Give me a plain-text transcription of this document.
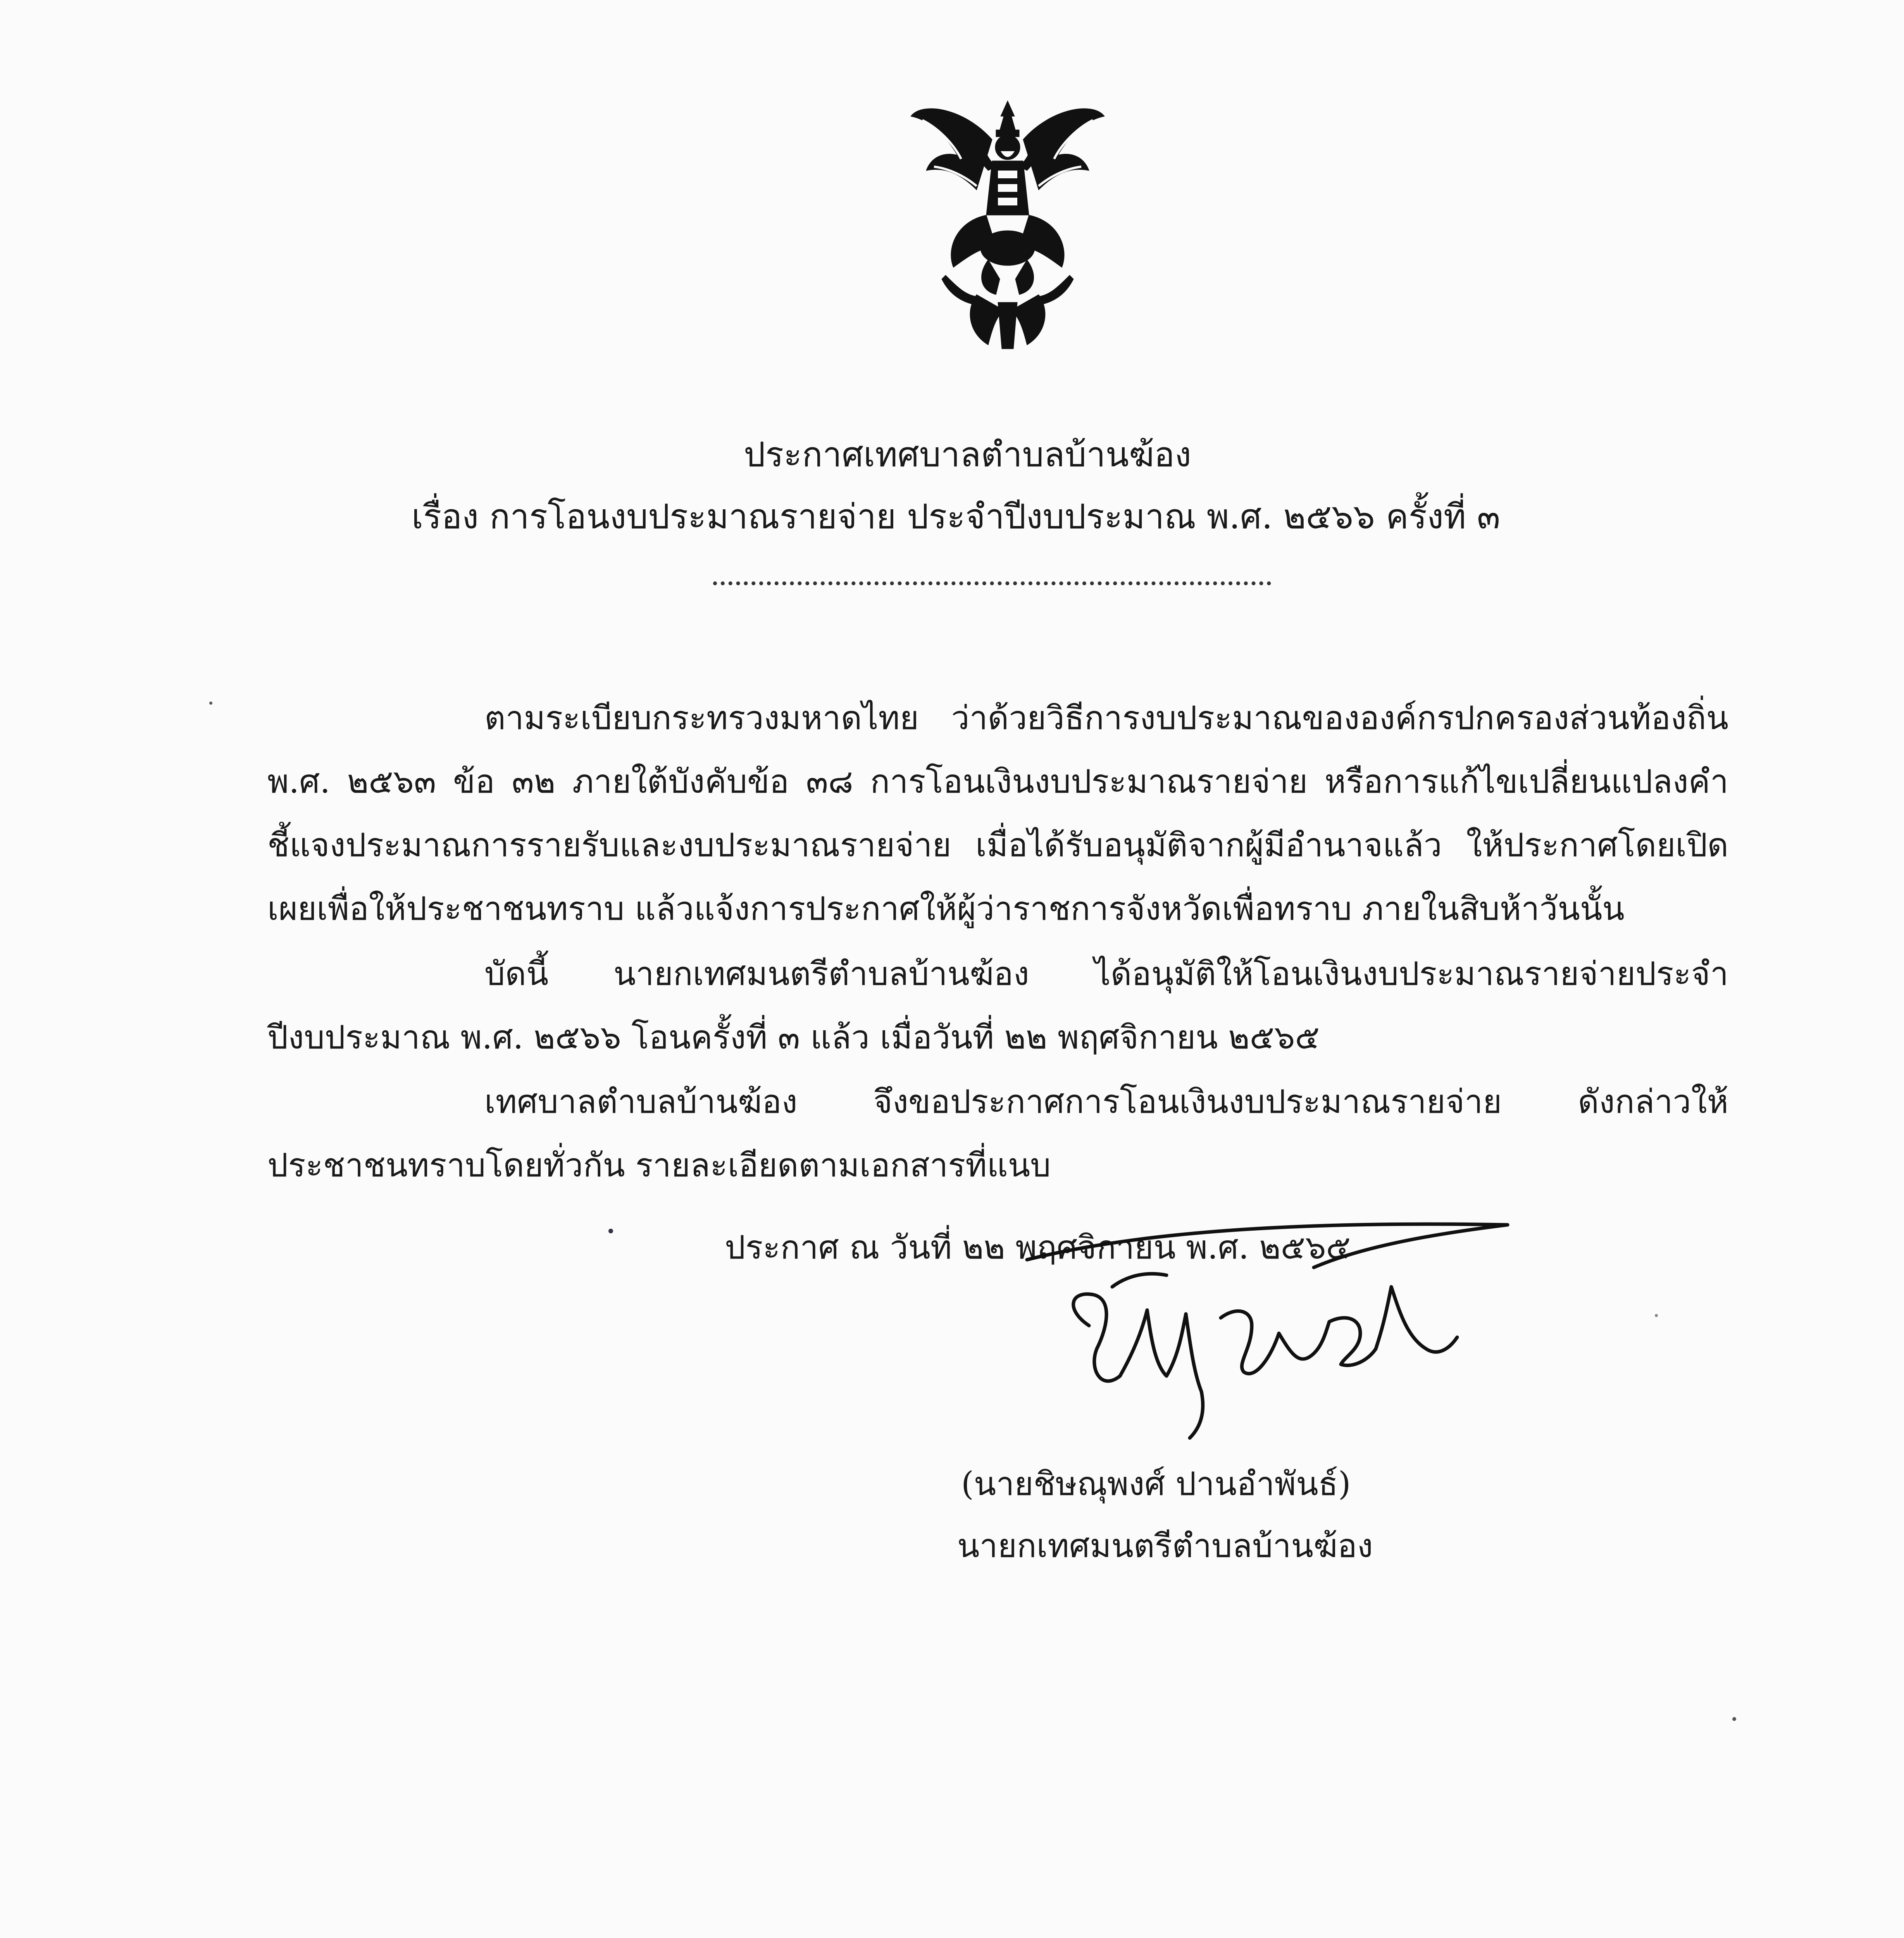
ประกาศเทศบาลตำบลบ้านฆ้อง
เรื่อง การโอนงบประมาณรายจ่าย ประจำปีงบประมาณ พ.ศ. ๒๕๖๖ ครั้งที่ ๓
ตามระเบียบกระทรวงมหาดไทย ว่าด้วยวิธีการงบประมาณขององค์กรปกครองส่วนท้องถิ่น พ.ศ. ๒๕๖๓ ข้อ ๓๒ ภายใต้บังคับข้อ ๓๘ การโอนเงินงบประมาณรายจ่าย หรือการแก้ไขเปลี่ยนแปลงคำชี้แจงประมาณการรายรับและงบประมาณรายจ่าย เมื่อได้รับอนุมัติจากผู้มีอำนาจแล้ว ให้ประกาศโดยเปิดเผยเพื่อให้ประชาชนทราบ แล้วแจ้งการประกาศให้ผู้ว่าราชการจังหวัดเพื่อทราบ ภายในสิบห้าวันนั้น
บัดนี้ นายกเทศมนตรีตำบลบ้านฆ้อง ได้อนุมัติให้โอนเงินงบประมาณรายจ่ายประจำปีงบประมาณ พ.ศ. ๒๕๖๖ โอนครั้งที่ ๓ แล้ว เมื่อวันที่ ๒๒ พฤศจิกายน ๒๕๖๕
เทศบาลตำบลบ้านฆ้อง จึงขอประกาศการโอนเงินงบประมาณรายจ่าย ดังกล่าวให้ประชาชนทราบโดยทั่วกัน รายละเอียดตามเอกสารที่แนบ
ประกาศ ณ วันที่ ๒๒ พฤศจิกายน พ.ศ. ๒๕๖๕
(นายชิษณุพงศ์ ปานอำพันธ์)
นายกเทศมนตรีตำบลบ้านฆ้อง
